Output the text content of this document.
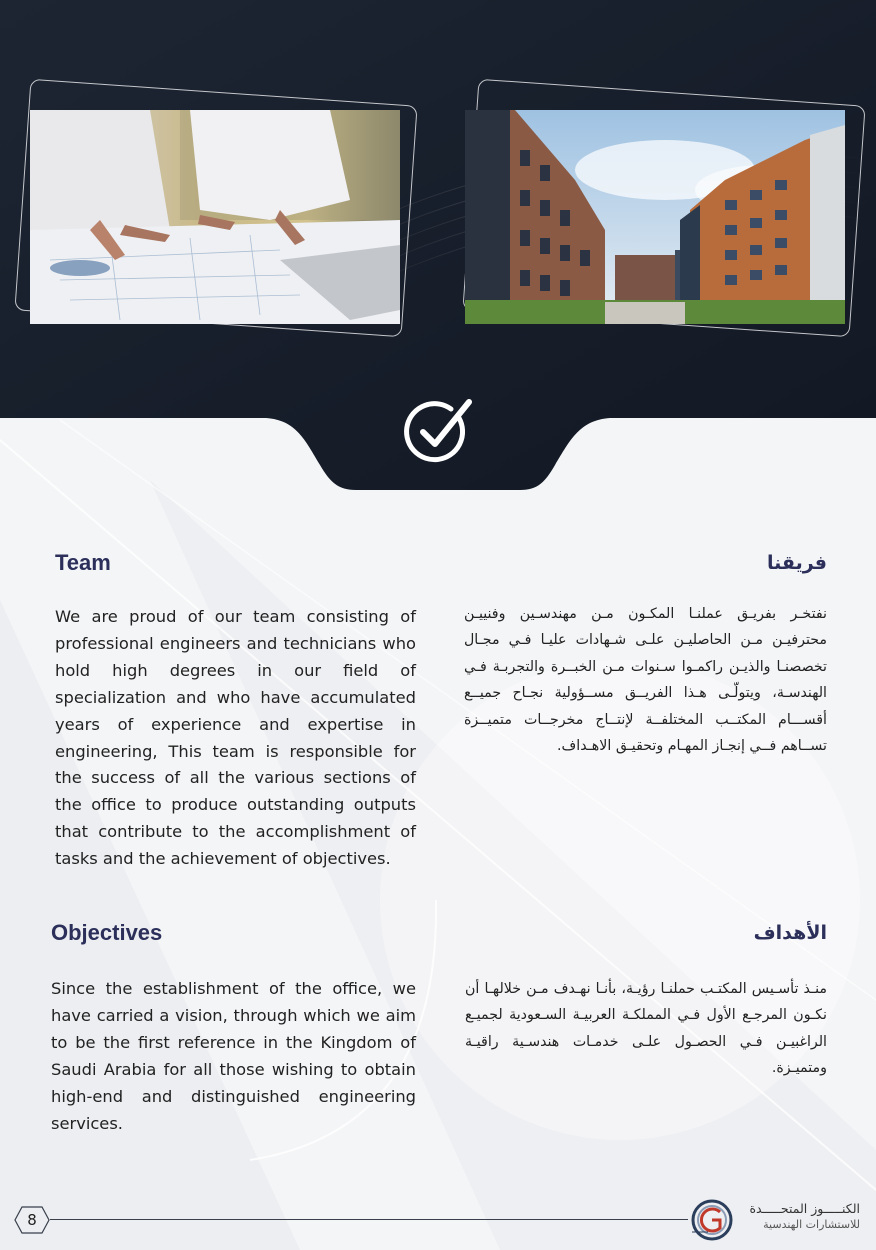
Team	فريقنا

We are proud of our team consisting of professional engineers and technicians who hold high degrees in our field of specialization and who have accumulated years of experience and expertise in engineering, This team is responsible for the success of all the various sections of the office to produce outstanding outputs that contribute to the accomplishment of tasks and the achievement of objectives.

نفتخـر بفريـق عملنـا المكـون مـن مهندسـين وفنييـن محترفيـن مـن الحاصليـن علـى شـهادات عليـا فـي مجـال تخصصنـا والذيـن راكمـوا سـنوات مـن الخبــرة والتجربـة فـي الهندسـة، ويتولّـى هـذا الفريــق مســؤولية نجـاح جميــع أقســـام المكتــب المختلفــة لإنتــاج مخرجــات متميــزة تســاهم فــي إنجـاز المهـام وتحقيـق الاهـداف.

Objectives	الأهداف

Since the establishment of the office, we have carried a vision, through which we aim to be the first reference in the Kingdom of Saudi Arabia for all those wishing to obtain high-end and distinguished engineering services.

منـذ تأسـيس المكتـب حملنـا رؤيـة، بأنـا نهـدف مـن خلالهـا أن نكـون المرجـع الأول فـي المملكـة العربيـة السـعودية لجميـع الراغبيـن فـي الحصـول علـى خدمـات هندسـية راقيـة ومتميـزة.

8
الكنـــــوز المتحـــــدة
للاستشارات الهندسية
